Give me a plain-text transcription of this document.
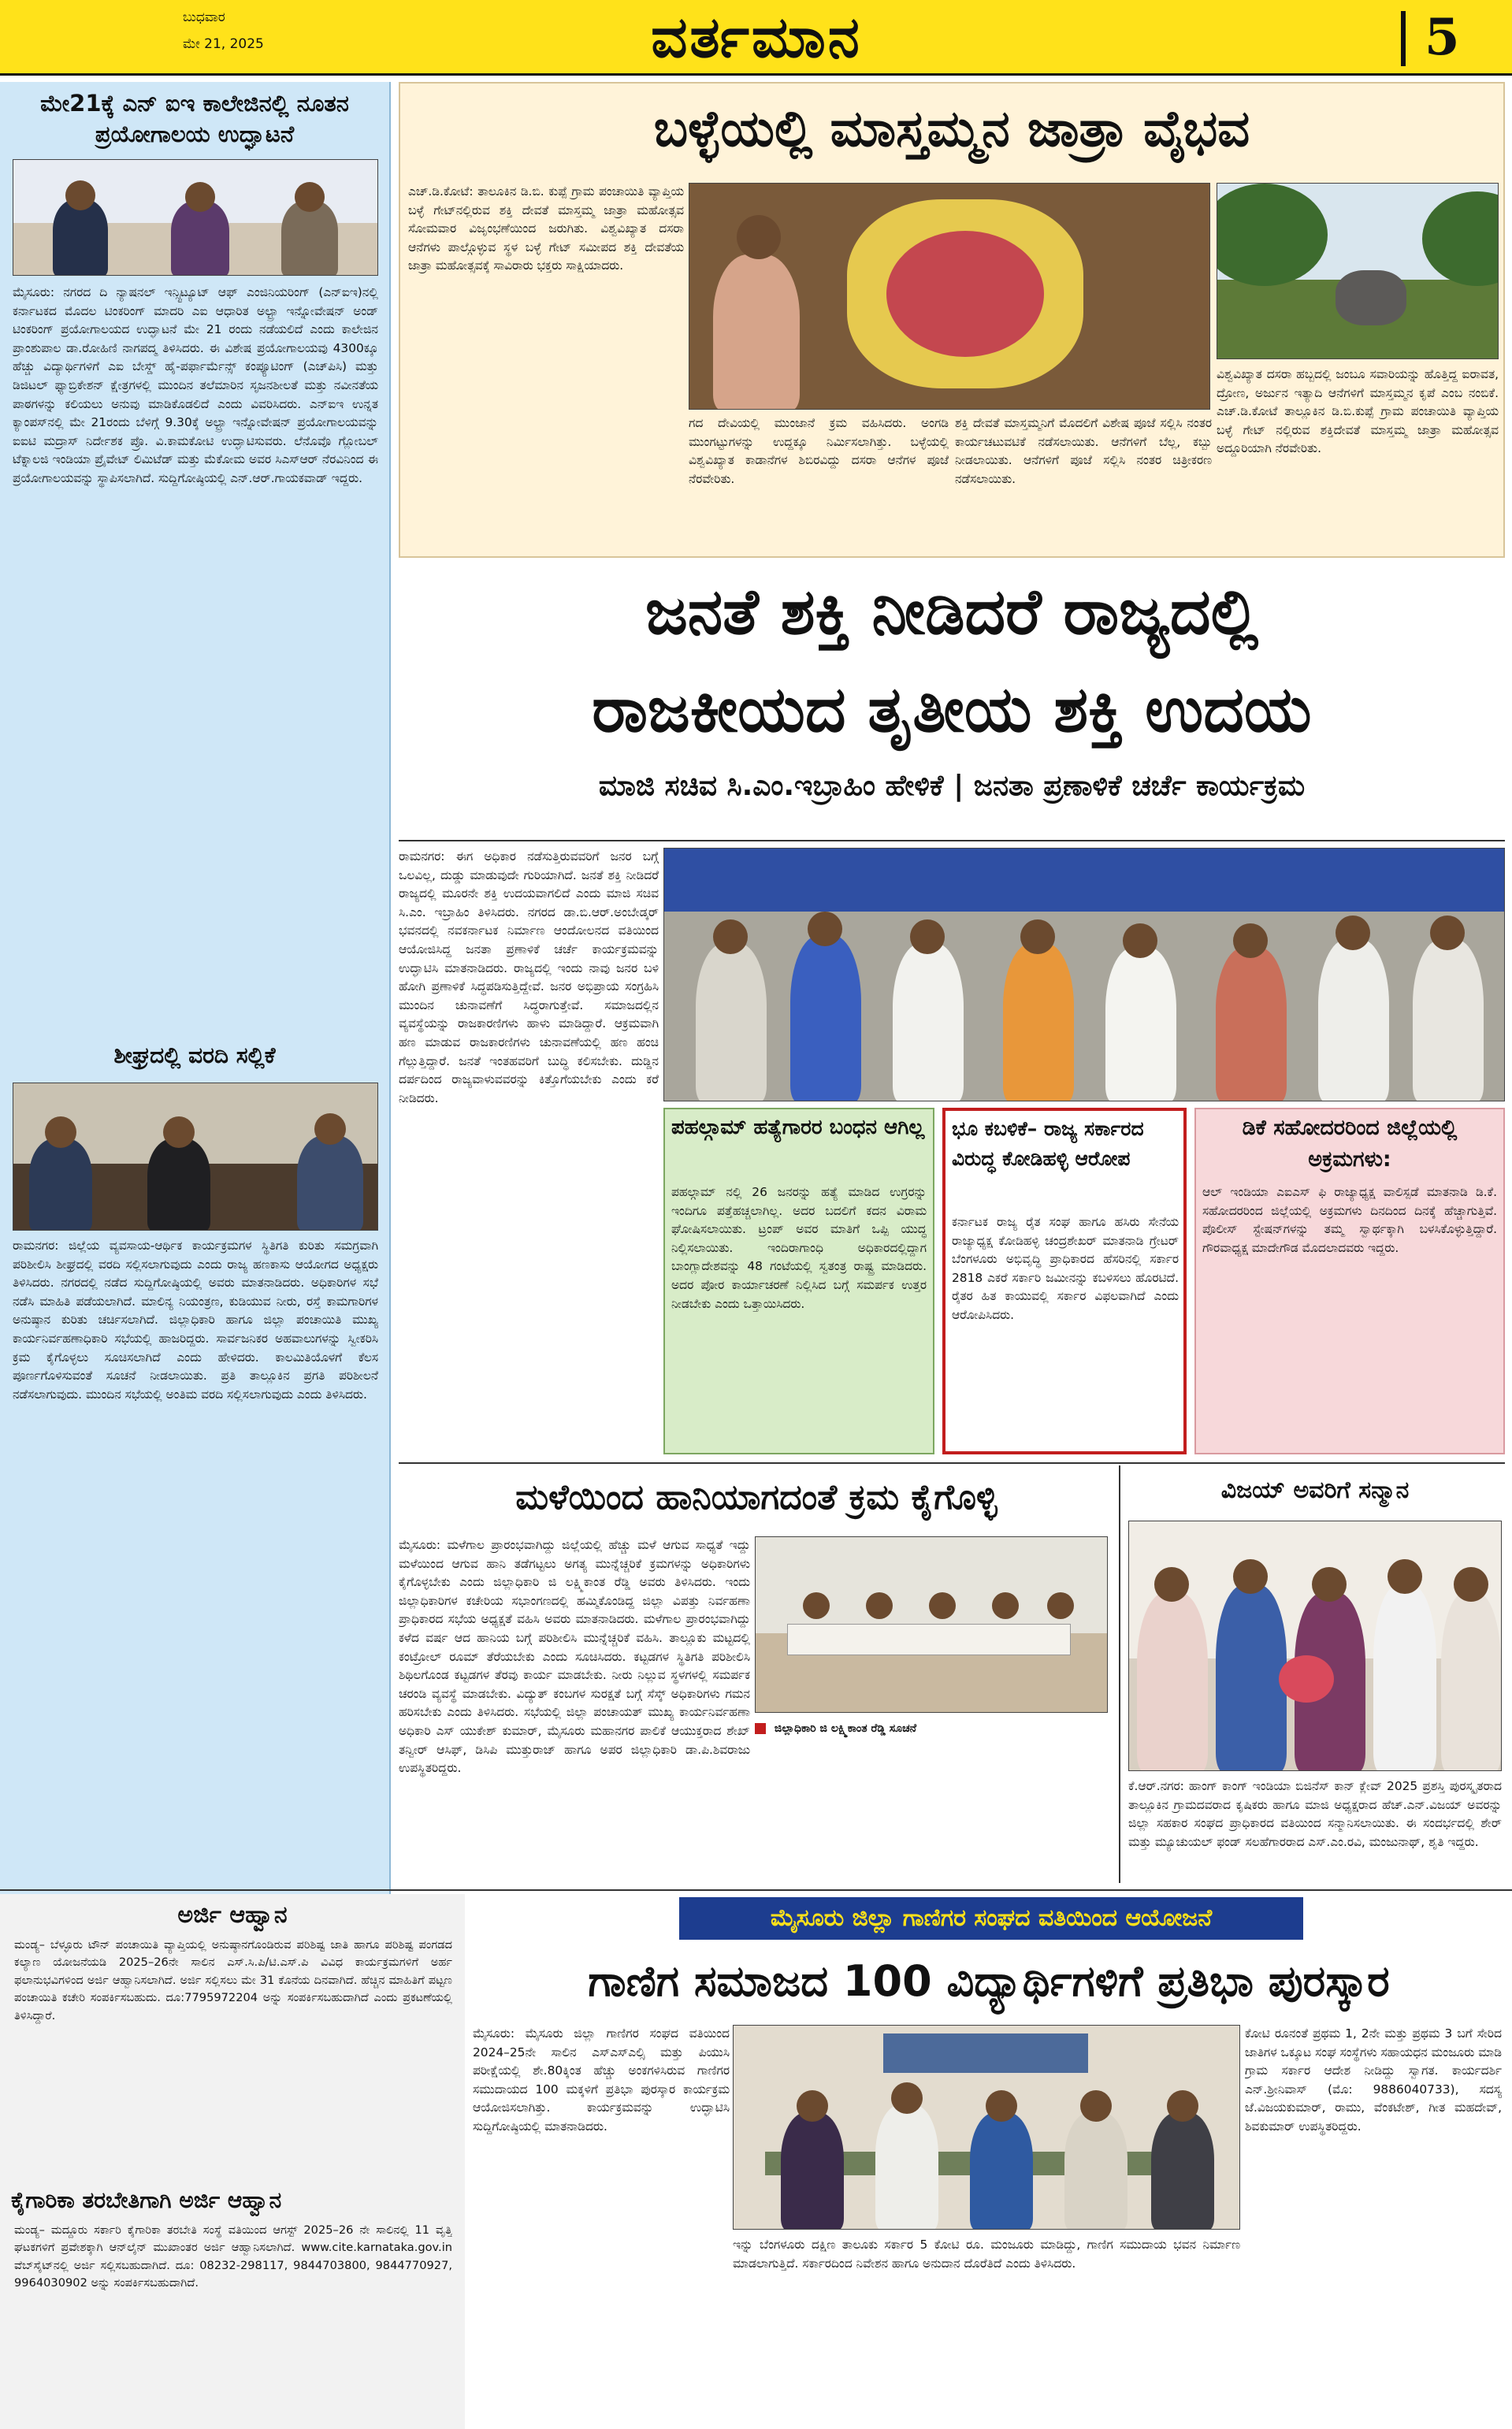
ಬುಧವಾರ
ಮೇ 21, 2025	ವರ್ತಮಾನ	5
ಮೇ21ಕ್ಕೆ ಎನ್ ಐಇ ಕಾಲೇಜಿನಲ್ಲಿ ನೂತನ ಪ್ರಯೋಗಾಲಯ ಉದ್ಘಾಟನೆ
ಮೈಸೂರು: ನಗರದ ದಿ ನ್ಯಾಷನಲ್ ಇನ್ಸ್ಟಿಟ್ಯೂಟ್ ಆಫ್ ಎಂಜಿನಿಯರಿಂಗ್ (ಎನ್ಐಇ)ನಲ್ಲಿ ಕರ್ನಾಟಕದ ಮೊದಲ ಟಿಂಕರಿಂಗ್ ಮಾದರಿ ಎಐ ಆಧಾರಿತ ಅಲ್ಟ್ರಾ ಇನ್ನೋವೇಷನ್ ಅಂಡ್ ಟಿಂಕರಿಂಗ್ ಪ್ರಯೋಗಾಲಯದ ಉದ್ಘಾಟನೆ ಮೇ 21 ರಂದು ನಡೆಯಲಿದೆ ಎಂದು ಕಾಲೇಜಿನ ಪ್ರಾಂಶುಪಾಲ ಡಾ.ರೋಹಿಣಿ ನಾಗಪದ್ಮ ತಿಳಿಸಿದರು. ಈ ವಿಶೇಷ ಪ್ರಯೋಗಾಲಯವು 4300ಕ್ಕೂ ಹೆಚ್ಚು ವಿದ್ಯಾರ್ಥಿಗಳಿಗೆ ಎಐ ಬೇಸ್ಡ್ ಹೈ-ಪರ್ಫಾರ್ಮೆನ್ಸ್ ಕಂಪ್ಯೂಟಿಂಗ್ (ಎಚ್‌ಪಿಸಿ) ಮತ್ತು ಡಿಜಿಟಲ್ ಫ್ಯಾಬ್ರಿಕೇಶನ್ ಕ್ಷೇತ್ರಗಳಲ್ಲಿ ಮುಂದಿನ ತಲೆಮಾರಿನ ಸೃಜನಶೀಲತೆ ಮತ್ತು ನವೀನತೆಯ ಪಾಠಗಳನ್ನು ಕಲಿಯಲು ಅನುವು ಮಾಡಿಕೊಡಲಿದೆ ಎಂದು ವಿವರಿಸಿದರು. ಎನ್ಐಇ ಉನ್ನತ ಕ್ಯಾಂಪಸ್‌ನಲ್ಲಿ ಮೇ 21ರಂದು ಬೆಳಿಗ್ಗೆ 9.30ಕ್ಕೆ ಅಲ್ಟ್ರಾ ಇನ್ನೋವೇಷನ್ ಪ್ರಯೋಗಾಲಯವನ್ನು ಐಐಟಿ ಮದ್ರಾಸ್ ನಿರ್ದೇಶಕ ಪ್ರೊ. ವಿ.ಕಾಮಕೋಟಿ ಉದ್ಘಾಟಿಸುವರು. ಲೆನೊವೊ ಗ್ಲೋಬಲ್ ಟೆಕ್ನಾಲಜಿ ಇಂಡಿಯಾ ಪ್ರೈವೇಟ್ ಲಿಮಿಟೆಡ್ ಮತ್ತು ಮೆಕೋಮ ಅವರ ಸಿಎಸ್‌ಆರ್ ನೆರವಿನಿಂದ ಈ ಪ್ರಯೋಗಾಲಯವನ್ನು ಸ್ಥಾಪಿಸಲಾಗಿದೆ. ಸುದ್ದಿಗೋಷ್ಠಿಯಲ್ಲಿ ಎನ್.ಆರ್.ಗಾಯಕವಾಡ್ ಇದ್ದರು.
ಶೀಘ್ರದಲ್ಲಿ ವರದಿ ಸಲ್ಲಿಕೆ
ರಾಮನಗರ: ಜಿಲ್ಲೆಯ ವ್ಯವಸಾಯ-ಆರ್ಥಿಕ ಕಾರ್ಯಕ್ರಮಗಳ ಸ್ಥಿತಿಗತಿ ಕುರಿತು ಸಮಗ್ರವಾಗಿ ಪರಿಶೀಲಿಸಿ ಶೀಘ್ರದಲ್ಲಿ ವರದಿ ಸಲ್ಲಿಸಲಾಗುವುದು ಎಂದು ರಾಜ್ಯ ಹಣಕಾಸು ಆಯೋಗದ ಅಧ್ಯಕ್ಷರು ತಿಳಿಸಿದರು. ನಗರದಲ್ಲಿ ನಡೆದ ಸುದ್ದಿಗೋಷ್ಠಿಯಲ್ಲಿ ಅವರು ಮಾತನಾಡಿದರು. ಅಧಿಕಾರಿಗಳ ಸಭೆ ನಡೆಸಿ ಮಾಹಿತಿ ಪಡೆಯಲಾಗಿದೆ. ಮಾಲಿನ್ಯ ನಿಯಂತ್ರಣ, ಕುಡಿಯುವ ನೀರು, ರಸ್ತೆ ಕಾಮಗಾರಿಗಳ ಅನುಷ್ಠಾನ ಕುರಿತು ಚರ್ಚಿಸಲಾಗಿದೆ. ಜಿಲ್ಲಾಧಿಕಾರಿ ಹಾಗೂ ಜಿಲ್ಲಾ ಪಂಚಾಯಿತಿ ಮುಖ್ಯ ಕಾರ್ಯನಿರ್ವಹಣಾಧಿಕಾರಿ ಸಭೆಯಲ್ಲಿ ಹಾಜರಿದ್ದರು. ಸಾರ್ವಜನಿಕರ ಅಹವಾಲುಗಳನ್ನು ಸ್ವೀಕರಿಸಿ ಕ್ರಮ ಕೈಗೊಳ್ಳಲು ಸೂಚಿಸಲಾಗಿದೆ ಎಂದು ಹೇಳಿದರು. ಕಾಲಮಿತಿಯೊಳಗೆ ಕೆಲಸ ಪೂರ್ಣಗೊಳಿಸುವಂತೆ ಸೂಚನೆ ನೀಡಲಾಯಿತು. ಪ್ರತಿ ತಾಲ್ಲೂಕಿನ ಪ್ರಗತಿ ಪರಿಶೀಲನೆ ನಡೆಸಲಾಗುವುದು. ಮುಂದಿನ ಸಭೆಯಲ್ಲಿ ಅಂತಿಮ ವರದಿ ಸಲ್ಲಿಸಲಾಗುವುದು ಎಂದು ತಿಳಿಸಿದರು.
ಬಳ್ಳೆಯಲ್ಲಿ ಮಾಸ್ತಮ್ಮನ ಜಾತ್ರಾ ವೈಭವ
ಎಚ್.ಡಿ.ಕೋಟೆ: ತಾಲೂಕಿನ ಡಿ.ಬಿ. ಕುಪ್ಪೆ ಗ್ರಾಮ ಪಂಚಾಯಿತಿ ವ್ಯಾಪ್ತಿಯ ಬಳ್ಳೆ ಗೇಟ್‌ನಲ್ಲಿರುವ ಶಕ್ತಿ ದೇವತೆ ಮಾಸ್ತಮ್ಮ ಜಾತ್ರಾ ಮಹೋತ್ಸವ ಸೋಮವಾರ ವಿಜೃಂಭಣೆಯಿಂದ ಜರುಗಿತು. ವಿಶ್ವವಿಖ್ಯಾತ ದಸರಾ ಆನೆಗಳು ಪಾಲ್ಗೊಳ್ಳುವ ಸ್ಥಳ ಬಳ್ಳೆ ಗೇಟ್ ಸಮೀಪದ ಶಕ್ತಿ ದೇವತೆಯ ಜಾತ್ರಾ ಮಹೋತ್ಸವಕ್ಕೆ ಸಾವಿರಾರು ಭಕ್ತರು ಸಾಕ್ಷಿಯಾದರು.
ಗದ ದೇವಿಯಲ್ಲಿ ಮುಂಜಾನೆ ಕ್ರಮ ವಹಿಸಿದರು. ಅಂಗಡಿ ಮುಂಗಟ್ಟುಗಳನ್ನು ಉದ್ದಕ್ಕೂ ನಿರ್ಮಿಸಲಾಗಿತ್ತು. ಬಳ್ಳೆಯಲ್ಲಿ ವಿಶ್ವವಿಖ್ಯಾತ ಕಾಡಾನೆಗಳ ಶಿಬಿರವಿದ್ದು ದಸರಾ ಆನೆಗಳ ಪೂಜೆ ನೆರವೇರಿತು.
ಶಕ್ತಿ ದೇವತೆ ಮಾಸ್ತಮ್ಮನಿಗೆ ಮೊದಲಿಗೆ ವಿಶೇಷ ಪೂಜೆ ಸಲ್ಲಿಸಿ ನಂತರ ಕಾರ್ಯಚಟುವಟಿಕೆ ನಡೆಸಲಾಯಿತು. ಆನೆಗಳಿಗೆ ಬೆಲ್ಲ, ಕಬ್ಬು ನೀಡಲಾಯಿತು. ಆನೆಗಳಿಗೆ ಪೂಜೆ ಸಲ್ಲಿಸಿ ನಂತರ ಚಿತ್ರೀಕರಣ ನಡೆಸಲಾಯಿತು.
ವಿಶ್ವವಿಖ್ಯಾತ ದಸರಾ ಹಬ್ಬದಲ್ಲಿ ಜಂಬೂ ಸವಾರಿಯನ್ನು ಹೊತ್ತಿದ್ದ ಐರಾವತ, ದ್ರೋಣ, ಅರ್ಜುನ ಇತ್ಯಾದಿ ಆನೆಗಳಿಗೆ ಮಾಸ್ತಮ್ಮನ ಕೃಪೆ ಎಂಬ ನಂಬಿಕೆ. ಎಚ್.ಡಿ.ಕೋಟೆ ತಾಲ್ಲೂಕಿನ ಡಿ.ಬಿ.ಕುಪ್ಪೆ ಗ್ರಾಮ ಪಂಚಾಯಿತಿ ವ್ಯಾಪ್ತಿಯ ಬಳ್ಳೆ ಗೇಟ್ ನಲ್ಲಿರುವ ಶಕ್ತಿದೇವತೆ ಮಾಸ್ತಮ್ಮ ಜಾತ್ರಾ ಮಹೋತ್ಸವ ಅದ್ದೂರಿಯಾಗಿ ನೆರವೇರಿತು.
ಜನತೆ ಶಕ್ತಿ ನೀಡಿದರೆ ರಾಜ್ಯದಲ್ಲಿ
ರಾಜಕೀಯದ ತೃತೀಯ ಶಕ್ತಿ ಉದಯ
ಮಾಜಿ ಸಚಿವ ಸಿ.ಎಂ.ಇಬ್ರಾಹಿಂ ಹೇಳಿಕೆ | ಜನತಾ ಪ್ರಣಾಳಿಕೆ ಚರ್ಚೆ ಕಾರ್ಯಕ್ರಮ
ರಾಮನಗರ: ಈಗ ಅಧಿಕಾರ ನಡೆಸುತ್ತಿರುವವರಿಗೆ ಜನರ ಬಗ್ಗೆ ಒಲವಿಲ್ಲ, ದುಡ್ಡು ಮಾಡುವುದೇ ಗುರಿಯಾಗಿದೆ. ಜನತೆ ಶಕ್ತಿ ನೀಡಿದರೆ ರಾಜ್ಯದಲ್ಲಿ ಮೂರನೇ ಶಕ್ತಿ ಉದಯವಾಗಲಿದೆ ಎಂದು ಮಾಜಿ ಸಚಿವ ಸಿ.ಎಂ. ಇಬ್ರಾಹಿಂ ತಿಳಿಸಿದರು. ನಗರದ ಡಾ.ಬಿ.ಆರ್.ಅಂಬೇಡ್ಕರ್ ಭವನದಲ್ಲಿ ನವಕರ್ನಾಟಕ ನಿರ್ಮಾಣ ಆಂದೋಲನದ ವತಿಯಿಂದ ಆಯೋಜಿಸಿದ್ದ ಜನತಾ ಪ್ರಣಾಳಿಕೆ ಚರ್ಚೆ ಕಾರ್ಯಕ್ರಮವನ್ನು ಉದ್ಘಾಟಿಸಿ ಮಾತನಾಡಿದರು. ರಾಜ್ಯದಲ್ಲಿ ಇಂದು ನಾವು ಜನರ ಬಳಿ ಹೋಗಿ ಪ್ರಣಾಳಿಕೆ ಸಿದ್ಧಪಡಿಸುತ್ತಿದ್ದೇವೆ. ಜನರ ಅಭಿಪ್ರಾಯ ಸಂಗ್ರಹಿಸಿ ಮುಂದಿನ ಚುನಾವಣೆಗೆ ಸಿದ್ಧರಾಗುತ್ತೇವೆ. ಸಮಾಜದಲ್ಲಿನ ವ್ಯವಸ್ಥೆಯನ್ನು ರಾಜಕಾರಣಿಗಳು ಹಾಳು ಮಾಡಿದ್ದಾರೆ. ಆಕ್ರಮವಾಗಿ ಹಣ ಮಾಡುವ ರಾಜಕಾರಣಿಗಳು ಚುನಾವಣೆಯಲ್ಲಿ ಹಣ ಹಂಚಿ ಗೆಲ್ಲುತ್ತಿದ್ದಾರೆ. ಜನತೆ ಇಂತಹವರಿಗೆ ಬುದ್ಧಿ ಕಲಿಸಬೇಕು. ದುಡ್ಡಿನ ದರ್ಪದಿಂದ ರಾಜ್ಯವಾಳುವವರನ್ನು ಕಿತ್ತೊಗೆಯಬೇಕು ಎಂದು ಕರೆ ನೀಡಿದರು.
ಪಹಲ್ಗಾಮ್ ಹತ್ಯೆಗಾರರ ಬಂಧನ ಆಗಿಲ್ಲ
ಪಹಲ್ಗಾಮ್ ನಲ್ಲಿ 26 ಜನರನ್ನು ಹತ್ಯೆ ಮಾಡಿದ ಉಗ್ರರನ್ನು ಇಂದಿಗೂ ಪತ್ತೆಹಚ್ಚಲಾಗಿಲ್ಲ. ಅದರ ಬದಲಿಗೆ ಕದನ ವಿರಾಮ ಘೋಷಿಸಲಾಯಿತು. ಟ್ರಂಪ್ ಅವರ ಮಾತಿಗೆ ಒಪ್ಪಿ ಯುದ್ಧ ನಿಲ್ಲಿಸಲಾಯಿತು. ಇಂದಿರಾಗಾಂಧಿ ಅಧಿಕಾರದಲ್ಲಿದ್ದಾಗ ಬಾಂಗ್ಲಾದೇಶವನ್ನು 48 ಗಂಟೆಯಲ್ಲಿ ಸ್ವತಂತ್ರ ರಾಷ್ಟ್ರ ಮಾಡಿದರು. ಅದರ ಪೋರ ಕಾರ್ಯಾಚರಣೆ ನಿಲ್ಲಿಸಿದ ಬಗ್ಗೆ ಸಮರ್ಪಕ ಉತ್ತರ ನೀಡಬೇಕು ಎಂದು ಒತ್ತಾಯಿಸಿದರು.
ಭೂ ಕಬಳಿಕೆ– ರಾಜ್ಯ ಸರ್ಕಾರದ ವಿರುದ್ಧ ಕೋಡಿಹಳ್ಳಿ ಆರೋಪ
ಕರ್ನಾಟಕ ರಾಜ್ಯ ರೈತ ಸಂಘ ಹಾಗೂ ಹಸಿರು ಸೇನೆಯ ರಾಜ್ಯಾಧ್ಯಕ್ಷ ಕೋಡಿಹಳ್ಳಿ ಚಂದ್ರಶೇಖರ್ ಮಾತನಾಡಿ ಗ್ರೇಟರ್ ಬೆಂಗಳೂರು ಅಭಿವೃದ್ಧಿ ಪ್ರಾಧಿಕಾರದ ಹೆಸರಿನಲ್ಲಿ ಸರ್ಕಾರ 2818 ಎಕರೆ ಸರ್ಕಾರಿ ಜಮೀನನ್ನು ಕಬಳಿಸಲು ಹೊರಟಿದೆ. ರೈತರ ಹಿತ ಕಾಯುವಲ್ಲಿ ಸರ್ಕಾರ ವಿಫಲವಾಗಿದೆ ಎಂದು ಆರೋಪಿಸಿದರು.
ಡಿಕೆ ಸಹೋದರರಿಂದ ಜಿಲ್ಲೆಯಲ್ಲಿ ಅಕ್ರಮಗಳು:
ಆಲ್ ಇಂಡಿಯಾ ಎಐಎಸ್ ಫಿ ರಾಜ್ಯಾಧ್ಯಕ್ಷ ವಾಲಿಸ್ಪಡೆ ಮಾತನಾಡಿ ಡಿ.ಕೆ. ಸಹೋದರರಿಂದ ಜಿಲ್ಲೆಯಲ್ಲಿ ಅಕ್ರಮಗಳು ದಿನದಿಂದ ದಿನಕ್ಕೆ ಹೆಚ್ಚಾಗುತ್ತಿವೆ. ಪೊಲೀಸ್ ಸ್ಟೇಷನ್‌ಗಳನ್ನು ತಮ್ಮ ಸ್ವಾರ್ಥಕ್ಕಾಗಿ ಬಳಸಿಕೊಳ್ಳುತ್ತಿದ್ದಾರೆ. ಗೌರವಾಧ್ಯಕ್ಷ ಮಾದೇಗೌಡ ಮೊದಲಾದವರು ಇದ್ದರು.
ಮಳೆಯಿಂದ ಹಾನಿಯಾಗದಂತೆ ಕ್ರಮ ಕೈಗೊಳ್ಳಿ
ಮೈಸೂರು: ಮಳೆಗಾಲ ಪ್ರಾರಂಭವಾಗಿದ್ದು ಜಿಲ್ಲೆಯಲ್ಲಿ ಹೆಚ್ಚು ಮಳೆ ಆಗುವ ಸಾಧ್ಯತೆ ಇದ್ದು ಮಳೆಯಿಂದ ಆಗುವ ಹಾನಿ ತಡೆಗಟ್ಟಲು ಅಗತ್ಯ ಮುನ್ನೆಚ್ಚರಿಕೆ ಕ್ರಮಗಳನ್ನು ಅಧಿಕಾರಿಗಳು ಕೈಗೊಳ್ಳಬೇಕು ಎಂದು ಜಿಲ್ಲಾಧಿಕಾರಿ ಜಿ ಲಕ್ಷ್ಮಿಕಾಂತ ರೆಡ್ಡಿ ಅವರು ತಿಳಿಸಿದರು. ಇಂದು ಜಿಲ್ಲಾಧಿಕಾರಿಗಳ ಕಚೇರಿಯ ಸಭಾಂಗಣದಲ್ಲಿ ಹಮ್ಮಿಕೊಂಡಿದ್ದ ಜಿಲ್ಲಾ ವಿಪತ್ತು ನಿರ್ವಹಣಾ ಪ್ರಾಧಿಕಾರದ ಸಭೆಯ ಅಧ್ಯಕ್ಷತೆ ವಹಿಸಿ ಅವರು ಮಾತನಾಡಿದರು. ಮಳೆಗಾಲ ಪ್ರಾರಂಭವಾಗಿದ್ದು ಕಳೆದ ವರ್ಷ ಆದ ಹಾನಿಯ ಬಗ್ಗೆ ಪರಿಶೀಲಿಸಿ ಮುನ್ನೆಚ್ಚರಿಕೆ ವಹಿಸಿ. ತಾಲ್ಲೂಕು ಮಟ್ಟದಲ್ಲಿ ಕಂಟ್ರೋಲ್ ರೂಮ್ ತೆರೆಯಬೇಕು ಎಂದು ಸೂಚಿಸಿದರು. ಕಟ್ಟಡಗಳ ಸ್ಥಿತಿಗತಿ ಪರಿಶೀಲಿಸಿ ಶಿಥಿಲಗೊಂಡ ಕಟ್ಟಡಗಳ ತೆರವು ಕಾರ್ಯ ಮಾಡಬೇಕು. ನೀರು ನಿಲ್ಲುವ ಸ್ಥಳಗಳಲ್ಲಿ ಸಮರ್ಪಕ ಚರಂಡಿ ವ್ಯವಸ್ಥೆ ಮಾಡಬೇಕು. ವಿದ್ಯುತ್ ಕಂಬಗಳ ಸುರಕ್ಷತೆ ಬಗ್ಗೆ ಸೆಸ್ಕ್ ಅಧಿಕಾರಿಗಳು ಗಮನ ಹರಿಸಬೇಕು ಎಂದು ತಿಳಿಸಿದರು. ಸಭೆಯಲ್ಲಿ ಜಿಲ್ಲಾ ಪಂಚಾಯತ್ ಮುಖ್ಯ ಕಾರ್ಯನಿರ್ವಹಣಾ ಅಧಿಕಾರಿ ಎಸ್ ಯುಕೇಶ್ ಕುಮಾರ್, ಮೈಸೂರು ಮಹಾನಗರ ಪಾಲಿಕೆ ಆಯುಕ್ತರಾದ ಶೇಖ್ ತನ್ವೀರ್ ಆಸಿಫ್, ಡಿಸಿಪಿ ಮುತ್ತುರಾಜ್ ಹಾಗೂ ಅಪರ ಜಿಲ್ಲಾಧಿಕಾರಿ ಡಾ.ಪಿ.ಶಿವರಾಜು ಉಪಸ್ಥಿತರಿದ್ದರು.
ಜಿಲ್ಲಾಧಿಕಾರಿ ಜಿ ಲಕ್ಷ್ಮಿಕಾಂತ ರೆಡ್ಡಿ ಸೂಚನೆ
ವಿಜಯ್ ಅವರಿಗೆ ಸನ್ಮಾನ
ಕೆ.ಆರ್.ನಗರ: ಹಾಂಗ್ ಕಾಂಗ್ ಇಂಡಿಯಾ ಬಿಜಿನೆಸ್ ಕಾನ್ ಕ್ಲೇವ್ 2025 ಪ್ರಶಸ್ತಿ ಪುರಸ್ಕೃತರಾದ ತಾಲ್ಲೂಕಿನ ಗ್ರಾಮದವರಾದ ಕೃಷಿಕರು ಹಾಗೂ ಮಾಜಿ ಅಧ್ಯಕ್ಷರಾದ ಹೆಚ್.ಎನ್.ವಿಜಯ್ ಅವರನ್ನು ಜಿಲ್ಲಾ ಸಹಕಾರ ಸಂಘದ ಪ್ರಾಧಿಕಾರದ ವತಿಯಿಂದ ಸನ್ಮಾನಿಸಲಾಯಿತು. ಈ ಸಂದರ್ಭದಲ್ಲಿ ಶೇರ್ ಮತ್ತು ಮ್ಯೂಚುಯಲ್ ಫಂಡ್ ಸಲಹೆಗಾರರಾದ ಎಸ್.ಎಂ.ರವಿ, ಮಂಜುನಾಥ್, ಶೃತಿ ಇದ್ದರು.
ಅರ್ಜಿ ಆಹ್ವಾನ
ಮಂಡ್ಯ– ಬೆಳ್ಳೂರು ಟೌನ್ ಪಂಚಾಯಿತಿ ವ್ಯಾಪ್ತಿಯಲ್ಲಿ ಅನುಷ್ಠಾನಗೊಂಡಿರುವ ಪರಿಶಿಷ್ಟ ಜಾತಿ ಹಾಗೂ ಪರಿಶಿಷ್ಟ ಪಂಗಡದ ಕಲ್ಯಾಣ ಯೋಜನೆಯಡಿ 2025–26ನೇ ಸಾಲಿನ ಎಸ್.ಸಿ.ಪಿ/ಟಿ.ಎಸ್.ಪಿ ವಿವಿಧ ಕಾರ್ಯಕ್ರಮಗಳಿಗೆ ಅರ್ಹ ಫಲಾನುಭವಿಗಳಿಂದ ಅರ್ಜಿ ಆಹ್ವಾನಿಸಲಾಗಿದೆ. ಅರ್ಜಿ ಸಲ್ಲಿಸಲು ಮೇ 31 ಕೊನೆಯ ದಿನವಾಗಿದೆ. ಹೆಚ್ಚಿನ ಮಾಹಿತಿಗೆ ಪಟ್ಟಣ ಪಂಚಾಯಿತಿ ಕಚೇರಿ ಸಂಪರ್ಕಿಸಬಹುದು. ದೂ:7795972204 ಅನ್ನು ಸಂಪರ್ಕಿಸಬಹುದಾಗಿದೆ ಎಂದು ಪ್ರಕಟಣೆಯಲ್ಲಿ ತಿಳಿಸಿದ್ದಾರೆ.
ಕೈಗಾರಿಕಾ ತರಬೇತಿಗಾಗಿ ಅರ್ಜಿ ಆಹ್ವಾನ
ಮಂಡ್ಯ– ಮದ್ದೂರು ಸರ್ಕಾರಿ ಕೈಗಾರಿಕಾ ತರಬೇತಿ ಸಂಸ್ಥೆ ವತಿಯಿಂದ ಆಗಸ್ಟ್ 2025–26 ನೇ ಸಾಲಿನಲ್ಲಿ 11 ವೃತ್ತಿ ಘಟಕಗಳಿಗೆ ಪ್ರವೇಶಕ್ಕಾಗಿ ಆನ್‌ಲೈನ್ ಮುಖಾಂತರ ಅರ್ಜಿ ಆಹ್ವಾನಿಸಲಾಗಿದೆ. www.cite.karnataka.gov.in ವೆಬ್‌ಸೈಟ್‌ನಲ್ಲಿ ಅರ್ಜಿ ಸಲ್ಲಿಸಬಹುದಾಗಿದೆ. ದೂ: 08232-298117, 9844703800, 9844770927, 9964030902 ಅನ್ನು ಸಂಪರ್ಕಿಸಬಹುದಾಗಿದೆ.
ಮೈಸೂರು ಜಿಲ್ಲಾ ಗಾಣಿಗರ ಸಂಘದ ವತಿಯಿಂದ ಆಯೋಜನೆ
ಗಾಣಿಗ ಸಮಾಜದ 100 ವಿದ್ಯಾರ್ಥಿಗಳಿಗೆ ಪ್ರತಿಭಾ ಪುರಸ್ಕಾರ
ಮೈಸೂರು: ಮೈಸೂರು ಜಿಲ್ಲಾ ಗಾಣಿಗರ ಸಂಘದ ವತಿಯಿಂದ 2024–25ನೇ ಸಾಲಿನ ಎಸ್ಎಸ್ಎಲ್ಸಿ ಮತ್ತು ಪಿಯುಸಿ ಪರೀಕ್ಷೆಯಲ್ಲಿ ಶೇ.80ಕ್ಕಿಂತ ಹೆಚ್ಚು ಅಂಕಗಳಿಸಿರುವ ಗಾಣಿಗರ ಸಮುದಾಯದ 100 ಮಕ್ಕಳಿಗೆ ಪ್ರತಿಭಾ ಪುರಸ್ಕಾರ ಕಾರ್ಯಕ್ರಮ ಆಯೋಜಿಸಲಾಗಿತ್ತು. ಕಾರ್ಯಕ್ರಮವನ್ನು ಉದ್ಘಾಟಿಸಿ ಸುದ್ದಿಗೋಷ್ಠಿಯಲ್ಲಿ ಮಾತನಾಡಿದರು.
ಇನ್ನು ಬೆಂಗಳೂರು ದಕ್ಷಿಣ ತಾಲೂಕು ಸರ್ಕಾರ 5 ಕೋಟಿ ರೂ. ಮಂಜೂರು ಮಾಡಿದ್ದು, ಗಾಣಿಗ ಸಮುದಾಯ ಭವನ ನಿರ್ಮಾಣ ಮಾಡಲಾಗುತ್ತಿದೆ. ಸರ್ಕಾರದಿಂದ ನಿವೇಶನ ಹಾಗೂ ಅನುದಾನ ದೊರೆತಿದೆ ಎಂದು ತಿಳಿಸಿದರು.
ಕೋಟಿ ರೂನಂತೆ ಪ್ರಥಮ 1, 2ನೇ ಮತ್ತು ಪ್ರಥಮ 3 ಬಗೆ ಸೇರಿದ ಜಾತಿಗಳ ಒಕ್ಕೂಟ ಸಂಘ ಸಂಸ್ಥೆಗಳು ಸಹಾಯಧನ ಮಂಜೂರು ಮಾಡಿ ಗ್ರಾಮ ಸರ್ಕಾರ ಆದೇಶ ನೀಡಿದ್ದು ಸ್ವಾಗತ. ಕಾರ್ಯದರ್ಶಿ ಎನ್.ಶ್ರೀನಿವಾಸ್ (ಮೊ: 9886040733), ಸದಸ್ಯ ಜೆ.ವಿಜಯಕುಮಾರ್, ರಾಮು, ವೆಂಕಟೇಶ್, ಗೀತ ಮಹದೇವ್, ಶಿವಕುಮಾರ್ ಉಪಸ್ಥಿತರಿದ್ದರು.
